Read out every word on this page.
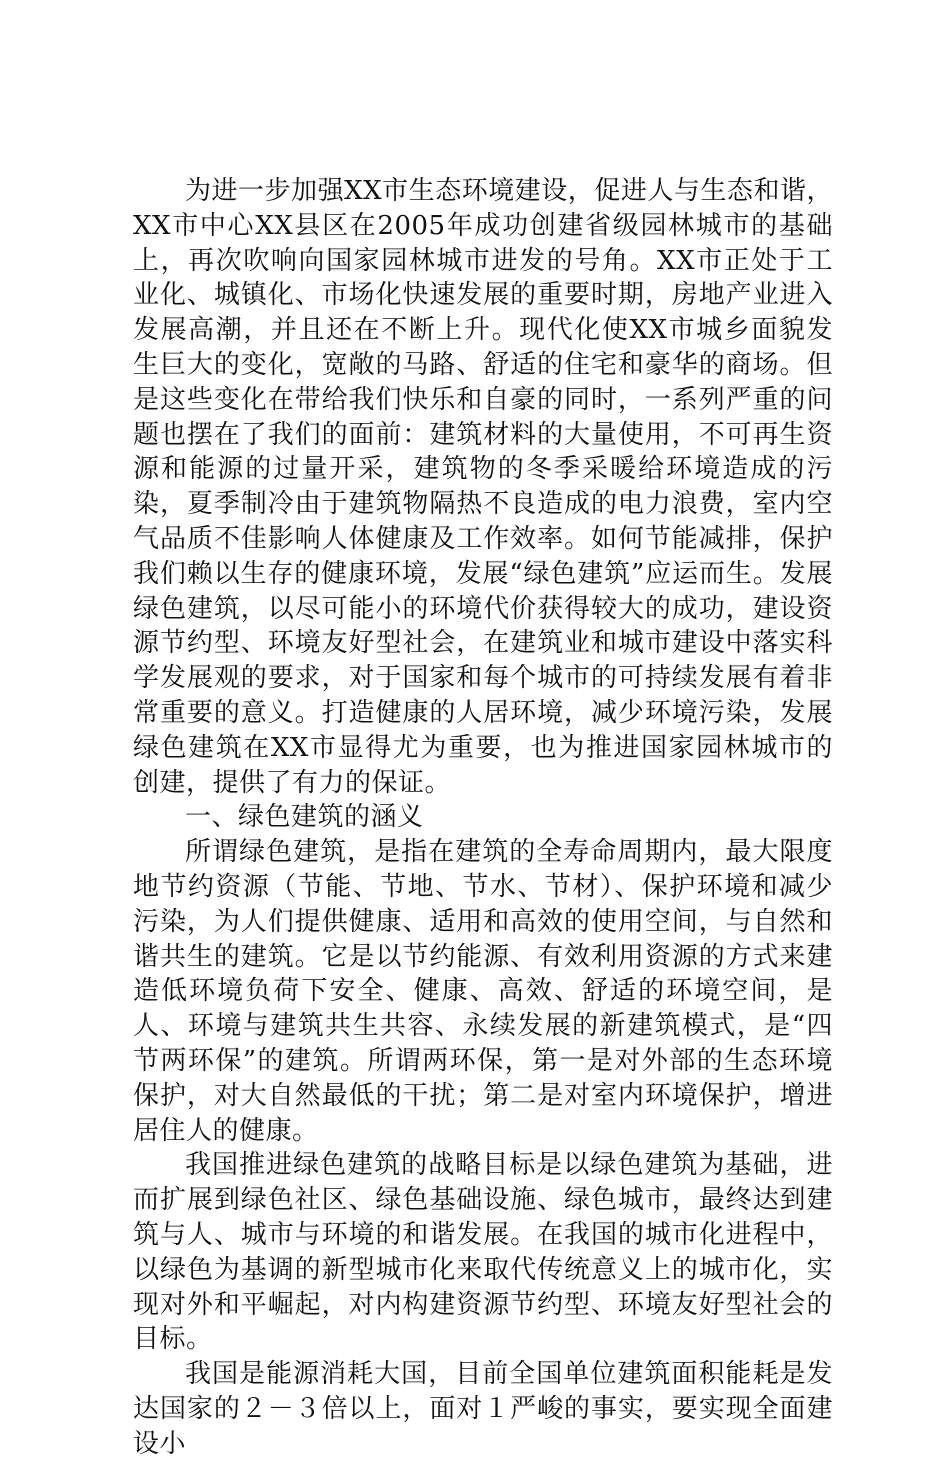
为进一步加强XX市生态环境建设，促进人与生态和谐，XX市中心XX县区在2005年成功创建省级园林城市的基础上，再次吹响向国家园林城市进发的号角。XX市正处于工业化、城镇化、市场化快速发展的重要时期，房地产业进入发展高潮，并且还在不断上升。现代化使XX市城乡面貌发生巨大的变化，宽敞的马路、舒适的住宅和豪华的商场。但是这些变化在带给我们快乐和自豪的同时，一系列严重的问题也摆在了我们的面前：建筑材料的大量使用，不可再生资源和能源的过量开采，建筑物的冬季采暖给环境造成的污染，夏季制冷由于建筑物隔热不良造成的电力浪费，室内空气品质不佳影响人体健康及工作效率。如何节能减排，保护我们赖以生存的健康环境，发展“绿色建筑”应运而生。发展绿色建筑，以尽可能小的环境代价获得较大的成功，建设资源节约型、环境友好型社会，在建筑业和城市建设中落实科学发展观的要求，对于国家和每个城市的可持续发展有着非常重要的意义。打造健康的人居环境，减少环境污染，发展绿色建筑在XX市显得尤为重要，也为推进国家园林城市的创建，提供了有力的保证。

一、绿色建筑的涵义

所谓绿色建筑，是指在建筑的全寿命周期内，最大限度地节约资源（节能、节地、节水、节材）、保护环境和减少污染，为人们提供健康、适用和高效的使用空间，与自然和谐共生的建筑。它是以节约能源、有效利用资源的方式来建造低环境负荷下安全、健康、高效、舒适的环境空间，是人、环境与建筑共生共容、永续发展的新建筑模式，是“四节两环保”的建筑。所谓两环保，第一是对外部的生态环境保护，对大自然最低的干扰；第二是对室内环境保护，增进居住人的健康。

我国推进绿色建筑的战略目标是以绿色建筑为基础，进而扩展到绿色社区、绿色基础设施、绿色城市，最终达到建筑与人、城市与环境的和谐发展。在我国的城市化进程中，以绿色为基调的新型城市化来取代传统意义上的城市化，实现对外和平崛起，对内构建资源节约型、环境友好型社会的目标。

我国是能源消耗大国，目前全国单位建筑面积能耗是发达国家的２－３倍以上，面对１严峻的事实，要实现全面建设小
